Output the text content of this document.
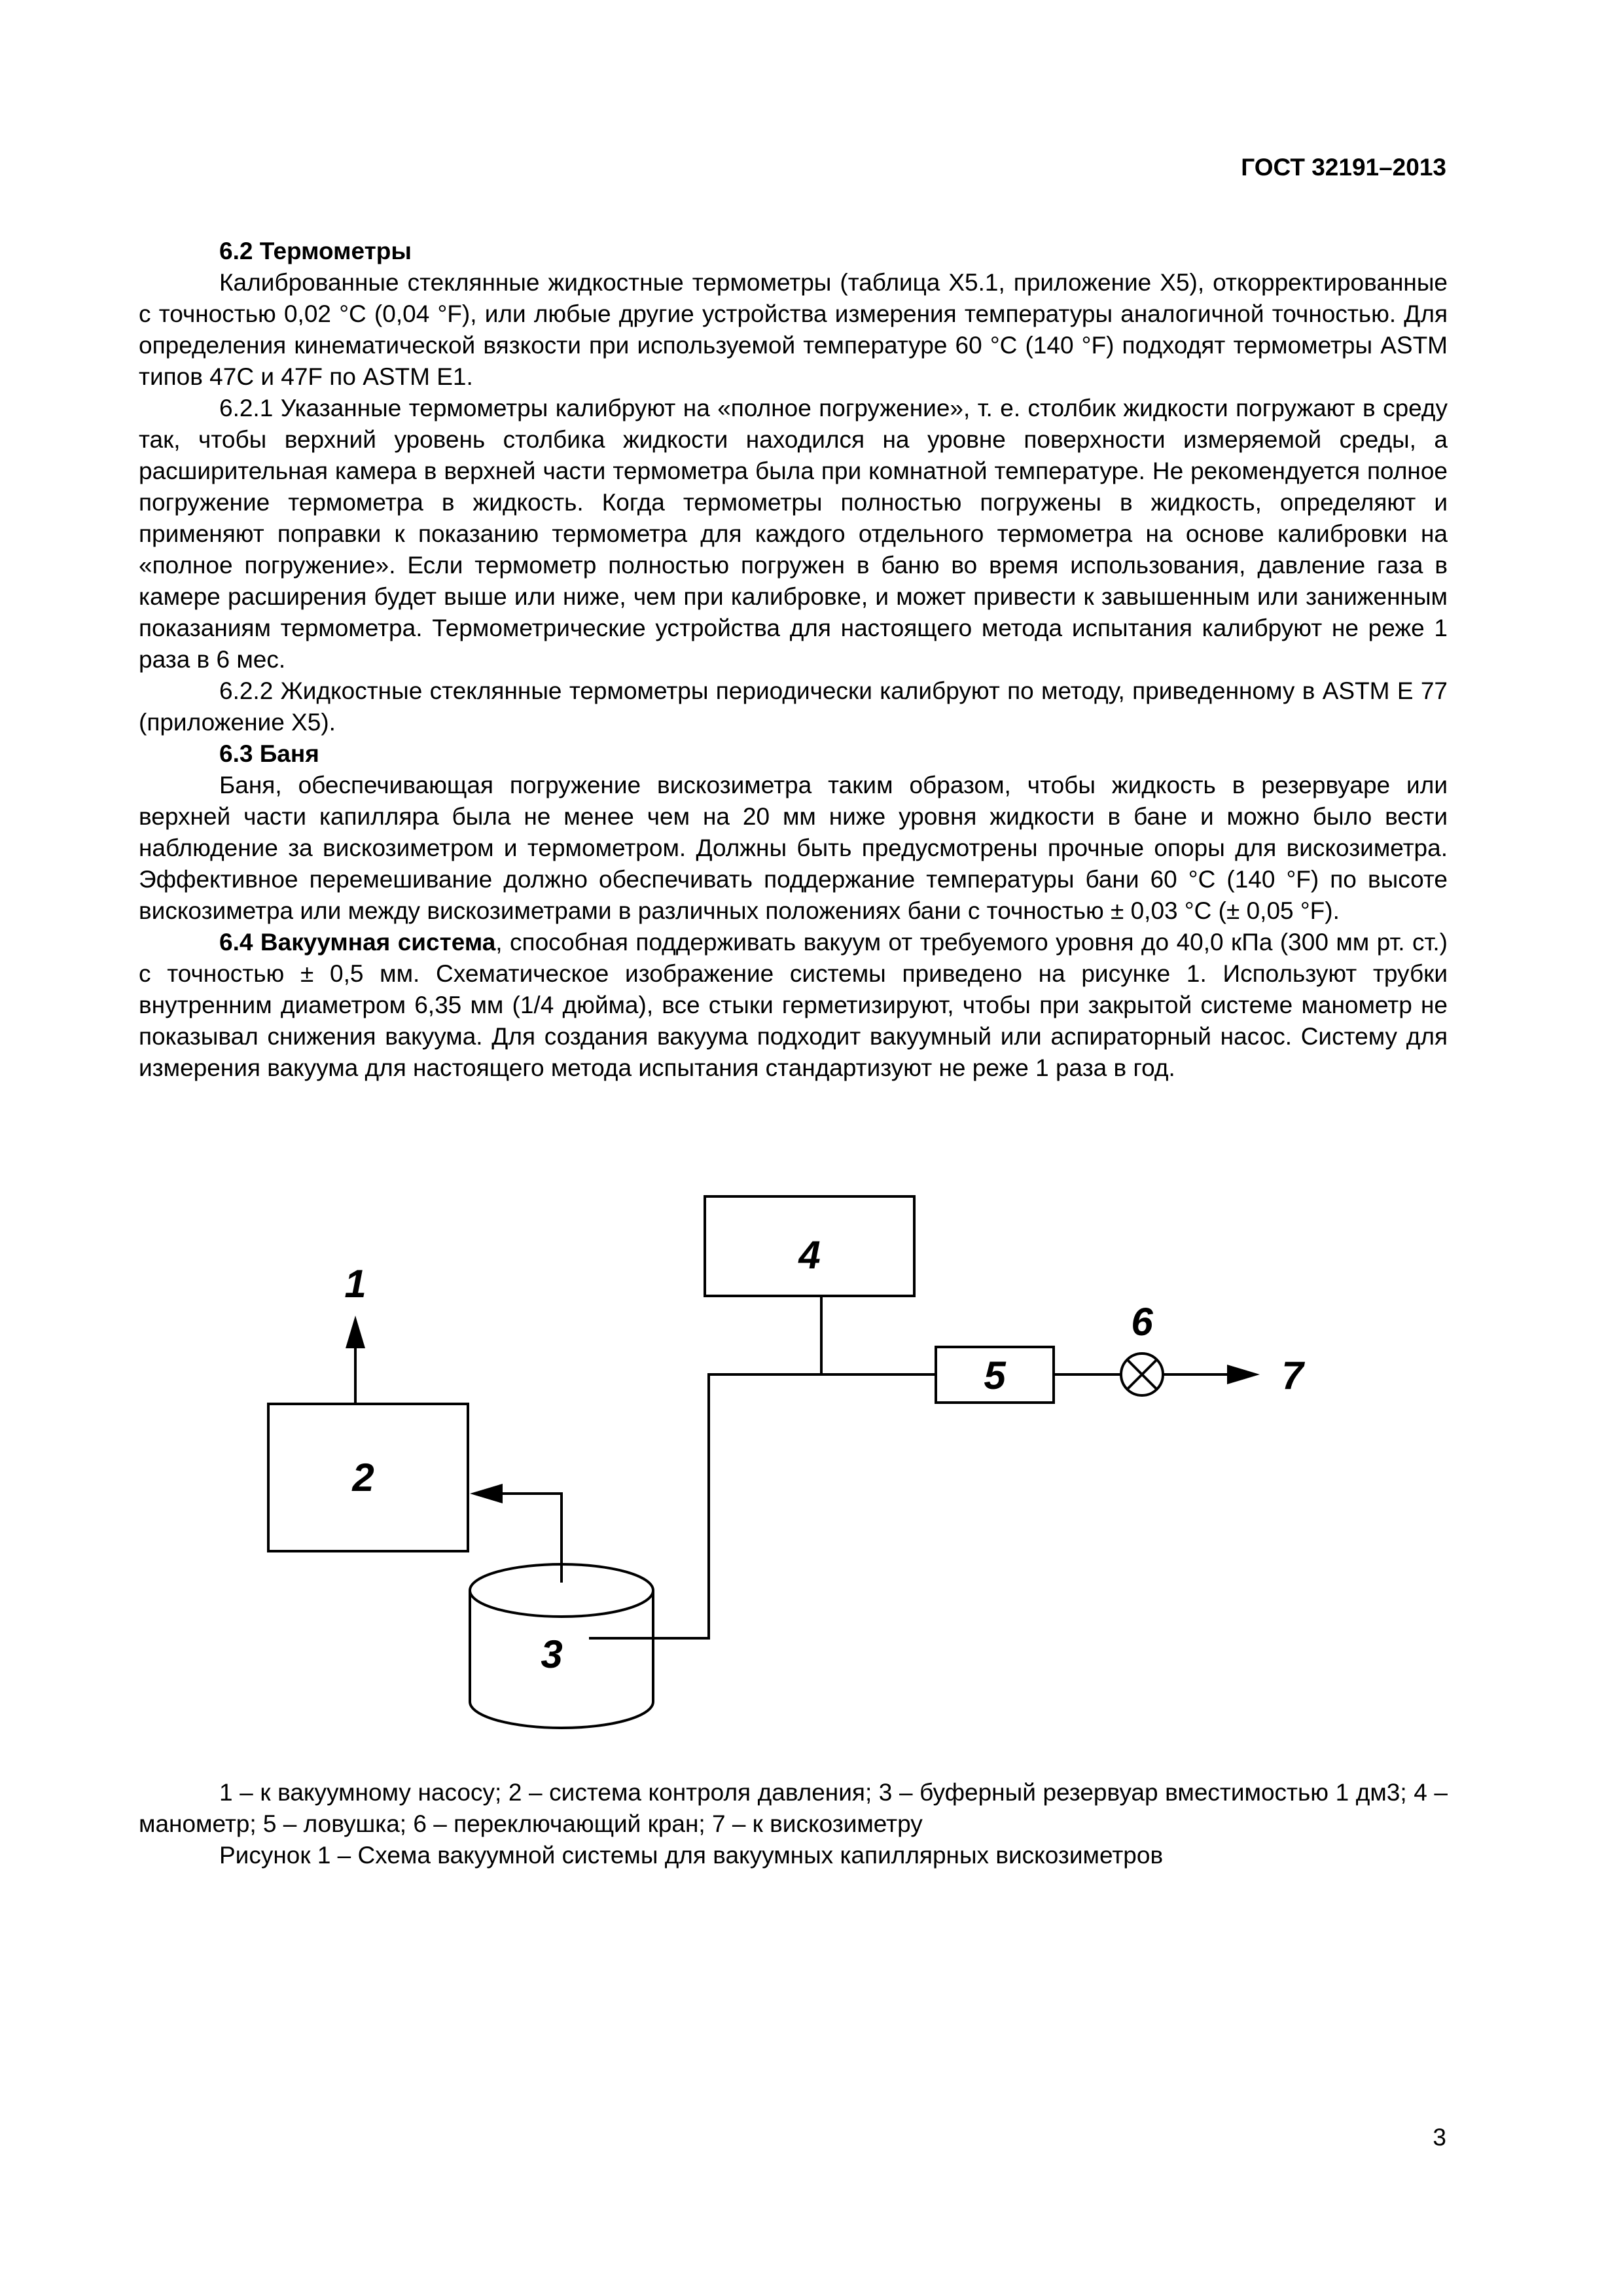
ГОСТ 32191–2013

6.2 Термометры

Калиброванные стеклянные жидкостные термометры (таблица X5.1, приложение X5), откорректированные с точностью 0,02 °C (0,04 °F), или любые другие устройства измерения температуры аналогичной точностью. Для определения кинематической вязкости при используемой температуре 60 °C (140 °F) подходят термометры ASTM типов 47C и 47F по ASTM E1.

6.2.1 Указанные термометры калибруют на «полное погружение», т. е. столбик жидкости погружают в среду так, чтобы верхний уровень столбика жидкости находился на уровне поверхности измеряемой среды, а расширительная камера в верхней части термометра была при комнатной температуре. Не рекомендуется полное погружение термометра в жидкость. Когда термометры полностью погружены в жидкость, определяют и применяют поправки к показанию термометра для каждого отдельного термометра на основе калибровки на «полное погружение». Если термометр полностью погружен в баню во время использования, давление газа в камере расширения будет выше или ниже, чем при калибровке, и может привести к завышенным или заниженным показаниям термометра. Термометрические устройства для настоящего метода испытания калибруют не реже 1 раза в 6 мес.

6.2.2 Жидкостные стеклянные термометры периодически калибруют по методу, приведенному в ASTM E 77 (приложение X5).

6.3 Баня

Баня, обеспечивающая погружение вискозиметра таким образом, чтобы жидкость в резервуаре или верхней части капилляра была не менее чем на 20 мм ниже уровня жидкости в бане и можно было вести наблюдение за вискозиметром и термометром. Должны быть предусмотрены прочные опоры для вискозиметра. Эффективное перемешивание должно обеспечивать поддержание температуры бани 60 °C (140 °F) по высоте вискозиметра или между вискозиметрами в различных положениях бани с точностью ± 0,03 °C (± 0,05 °F).

6.4 Вакуумная система, способная поддерживать вакуум от требуемого уровня до 40,0 кПа (300 мм рт. ст.) с точностью ± 0,5 мм. Схематическое изображение системы приведено на рисунке 1. Используют трубки внутренним диаметром 6,35 мм (1/4 дюйма), все стыки герметизируют, чтобы при закрытой системе манометр не показывал снижения вакуума. Для создания вакуума подходит вакуумный или аспираторный насос. Систему для измерения вакуума для настоящего метода испытания стандартизуют не реже 1 раза в год.

1
2
3
4
5
6
7

1 – к вакуумному насосу; 2 – система контроля давления; 3 – буферный резервуар вместимостью 1 дм3; 4 – манометр; 5 – ловушка; 6 – переключающий кран; 7 – к вискозиметру

Рисунок 1 – Схема вакуумной системы для вакуумных капиллярных вискозиметров

3
